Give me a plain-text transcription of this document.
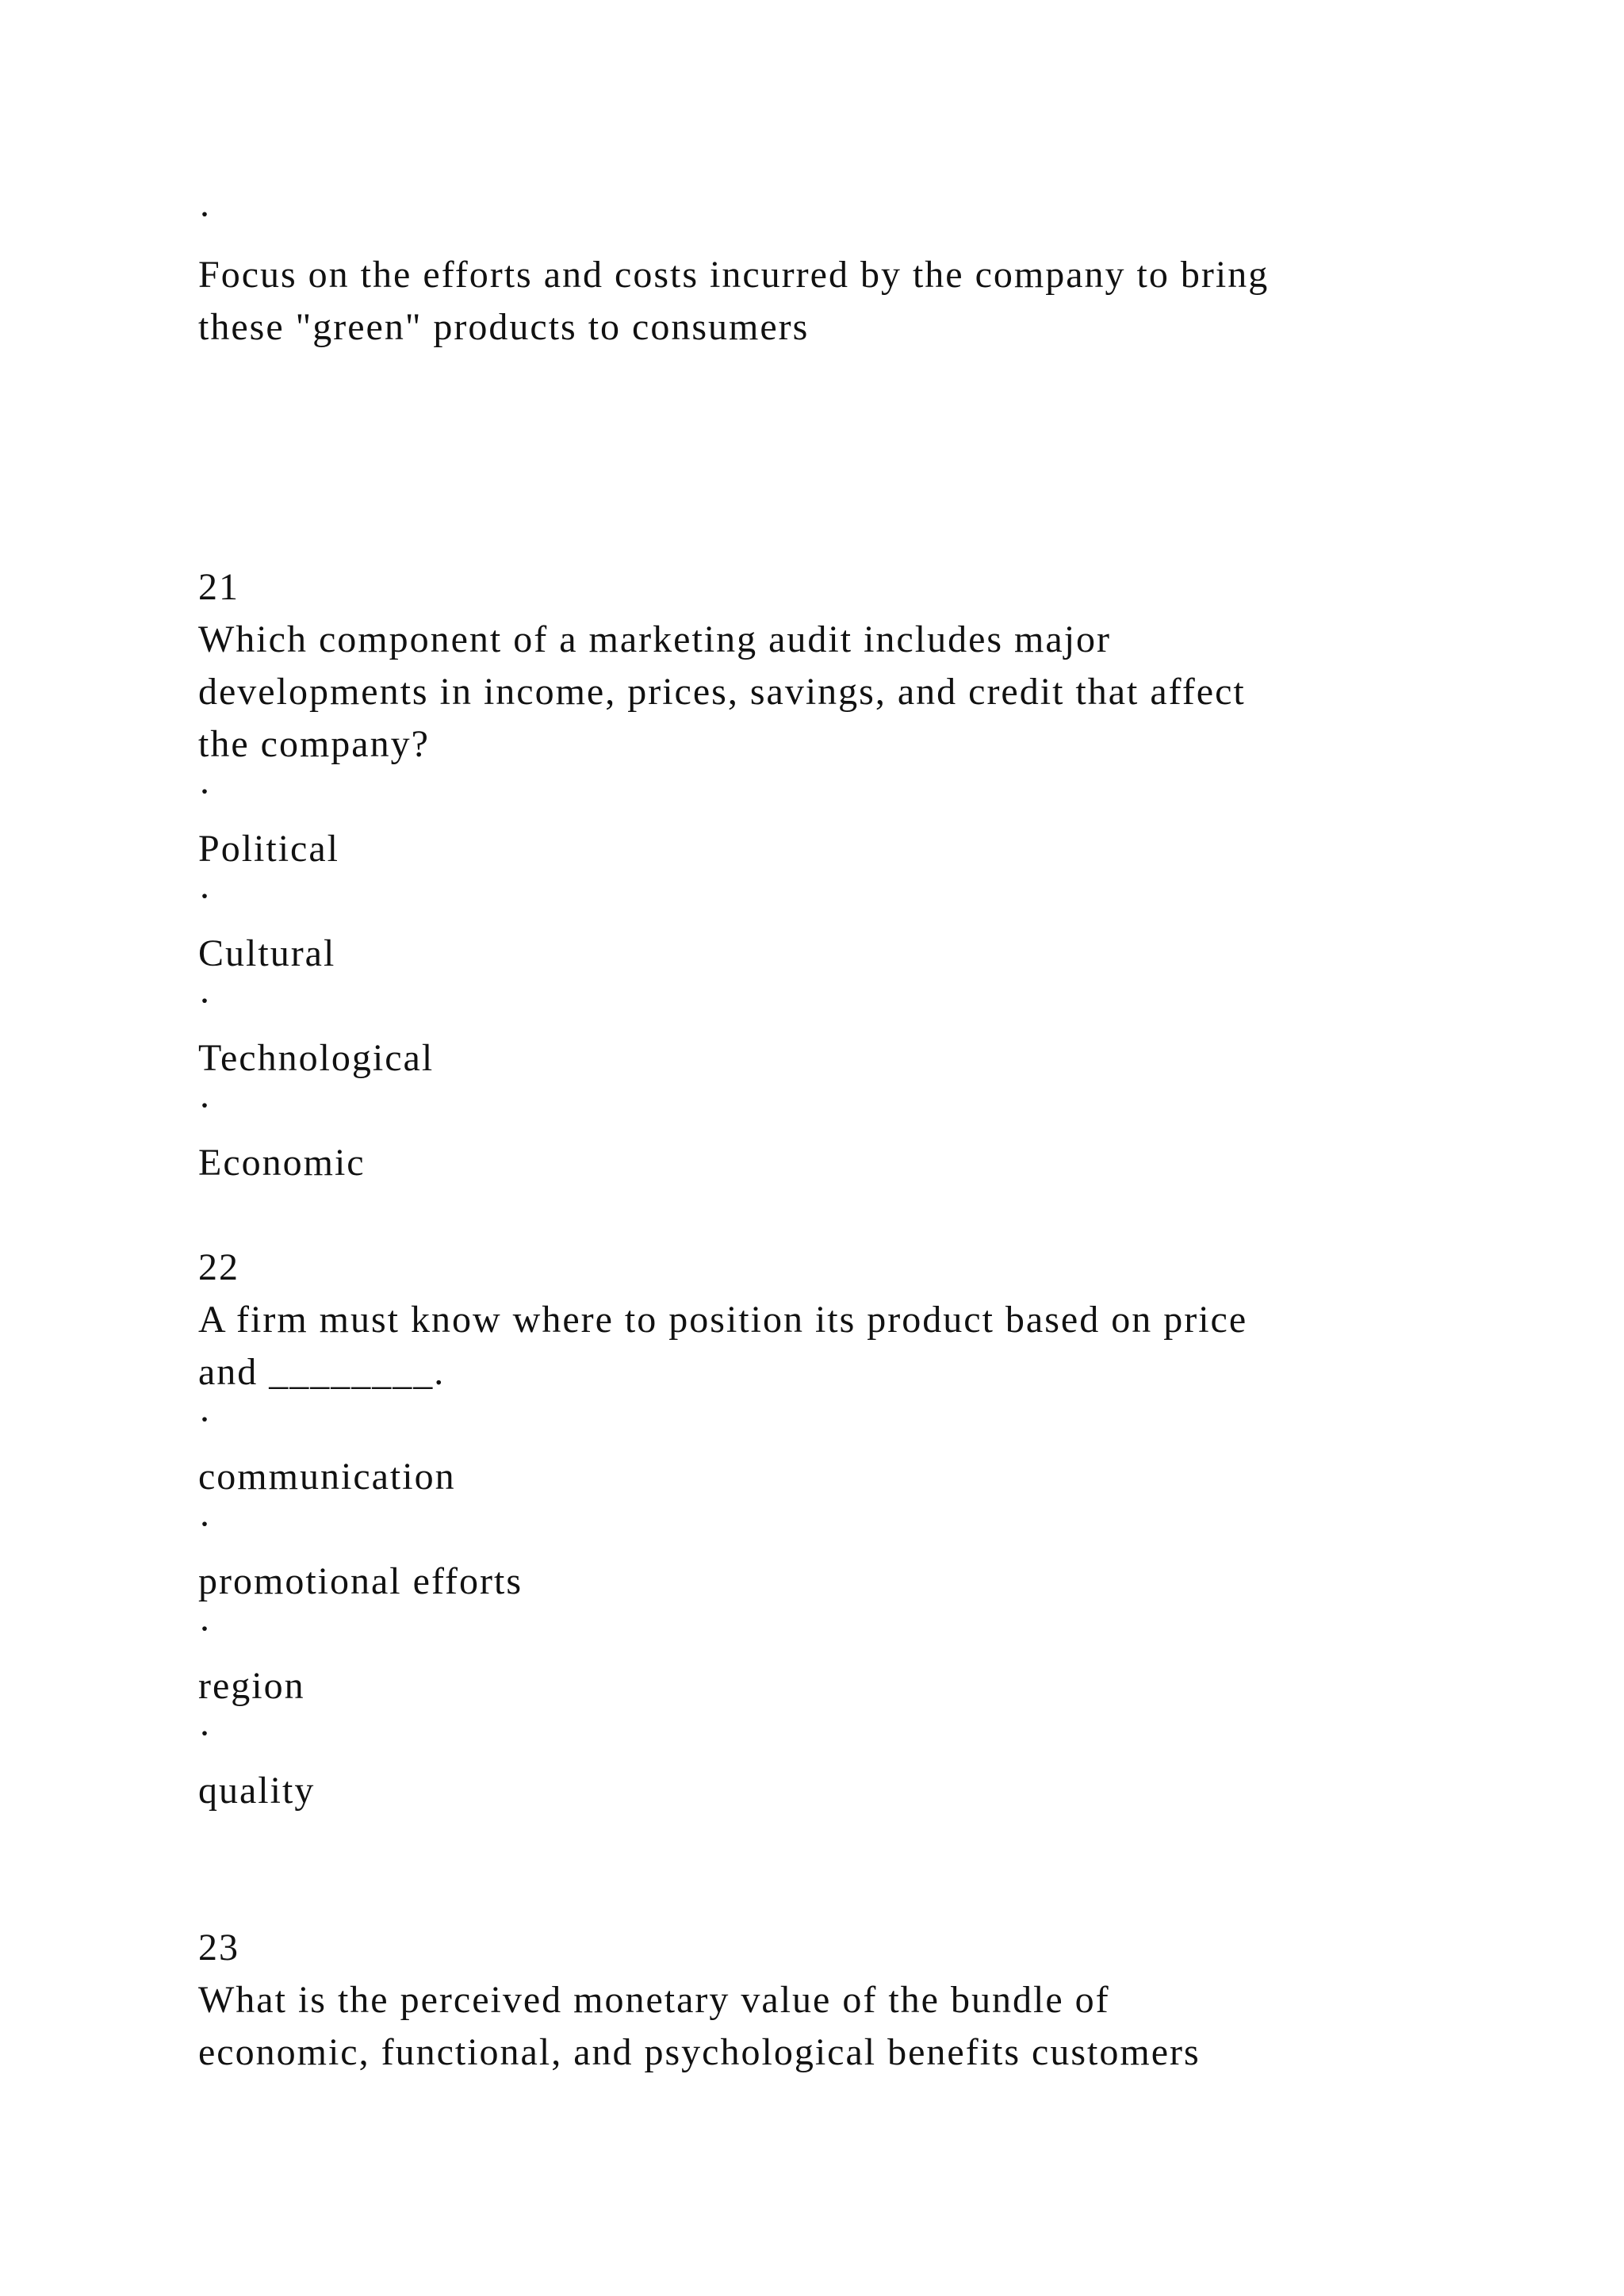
·

Focus on the efforts and costs incurred by the company to bring

these "green" products to consumers

21

Which component of a marketing audit includes major

developments in income, prices, savings, and credit that affect

the company?

·

Political

·

Cultural

·

Technological

·

Economic

22

A firm must know where to position its product based on price

and ________.

·

communication

·

promotional efforts

·

region

·

quality

23

What is the perceived monetary value of the bundle of

economic, functional, and psychological benefits customers
